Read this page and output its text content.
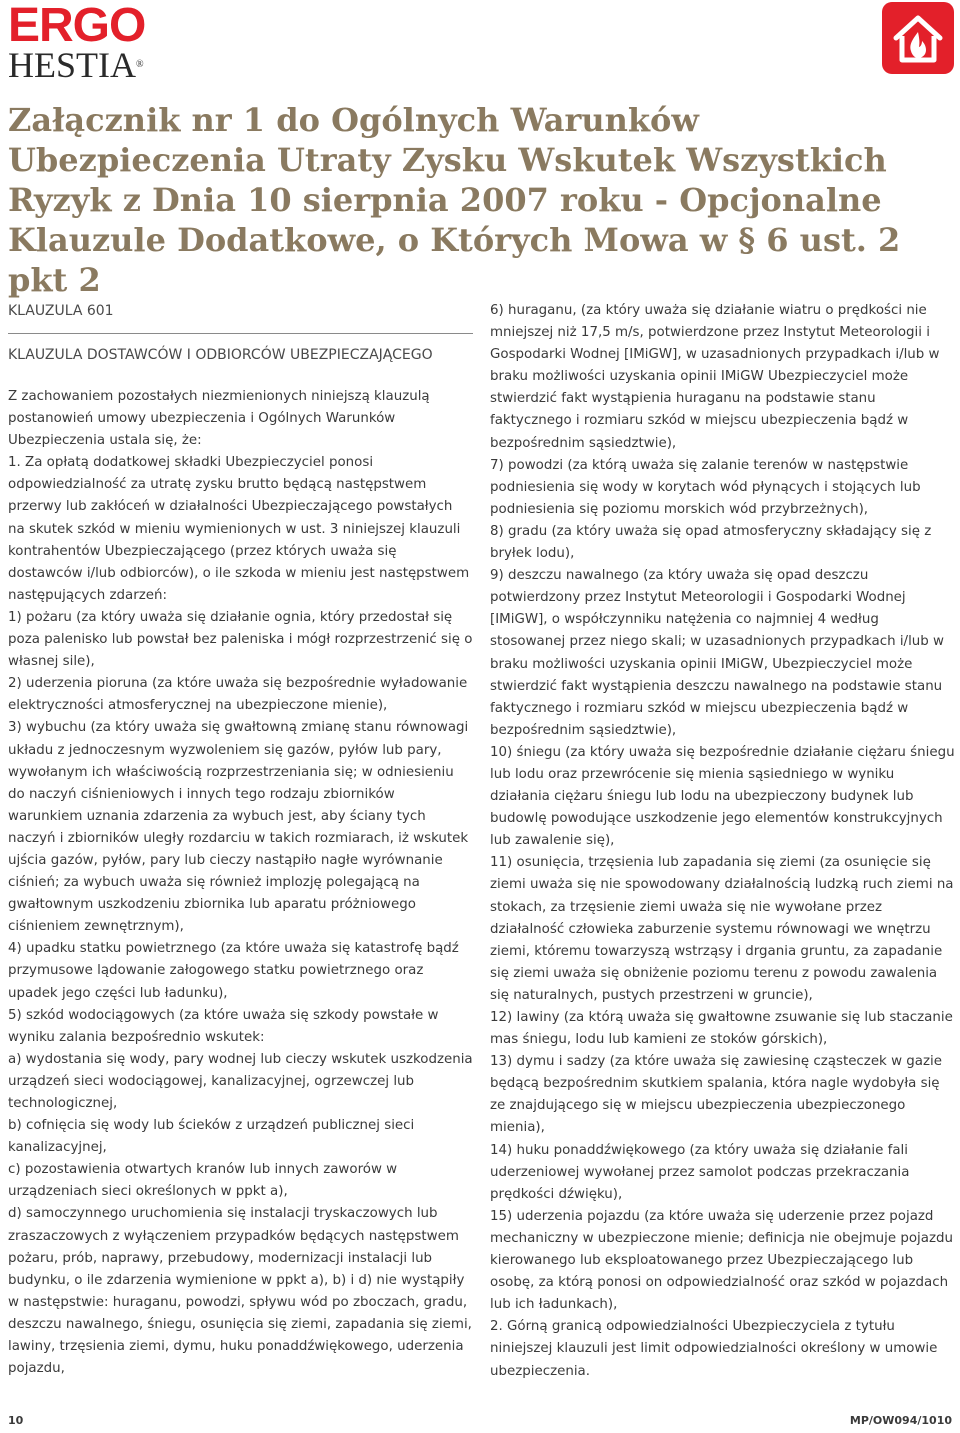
ERGO
HESTIA®
Załącznik nr 1 do Ogólnych Warunków Ubezpieczenia Utraty Zysku Wskutek Wszystkich Ryzyk z Dnia 10 sierpnia 2007 roku - Opcjonalne Klauzule Dodatkowe, o Których Mowa w § 6 ust. 2 pkt 2

KLAUZULA 601

KLAUZULA DOSTAWCÓW I ODBIORCÓW UBEZPIECZAJĄCEGO

Z zachowaniem pozostałych niezmienionych niniejszą klauzulą postanowień umowy ubezpieczenia i Ogólnych Warunków Ubezpieczenia ustala się, że:

1. Za opłatą dodatkowej składki Ubezpieczyciel ponosi odpowiedzialność za utratę zysku brutto będącą następstwem przerwy lub zakłóceń w działalności Ubezpieczającego powstałych na skutek szkód w mieniu wymienionych w ust. 3 niniejszej klauzuli kontrahentów Ubezpieczającego (przez których uważa się dostawców i/lub odbiorców), o ile szkoda w mieniu jest następstwem następujących zdarzeń:

1) pożaru (za który uważa się działanie ognia, który przedostał się poza palenisko lub powstał bez paleniska i mógł rozprzestrzenić się o własnej sile),

2) uderzenia pioruna (za które uważa się bezpośrednie wyładowanie elektryczności atmosferycznej na ubezpieczone mienie),

3) wybuchu (za który uważa się gwałtowną zmianę stanu równowagi układu z jednoczesnym wyzwoleniem się gazów, pyłów lub pary, wywołanym ich właściwością rozprzestrzeniania się; w odniesieniu do naczyń ciśnieniowych i innych tego rodzaju zbiorników warunkiem uznania zdarzenia za wybuch jest, aby ściany tych naczyń i zbiorników uległy rozdarciu w takich rozmiarach, iż wskutek ujścia gazów, pyłów, pary lub cieczy nastąpiło nagłe wyrównanie ciśnień; za wybuch uważa się również implozję polegającą na gwałtownym uszkodzeniu zbiornika lub aparatu próżniowego ciśnieniem zewnętrznym),

4) upadku statku powietrznego (za które uważa się katastrofę bądź przymusowe lądowanie załogowego statku powietrznego oraz upadek jego części lub ładunku),

5) szkód wodociągowych (za które uważa się szkody powstałe w wyniku zalania bezpośrednio wskutek:

a) wydostania się wody, pary wodnej lub cieczy wskutek uszkodzenia urządzeń sieci wodociągowej, kanalizacyjnej, ogrzewczej lub technologicznej,

b) cofnięcia się wody lub ścieków z urządzeń publicznej sieci kanalizacyjnej,

c) pozostawienia otwartych kranów lub innych zaworów w urządzeniach sieci określonych w ppkt a),

d) samoczynnego uruchomienia się instalacji tryskaczowych lub zraszaczowych z wyłączeniem przypadków będących następstwem pożaru, prób, naprawy, przebudowy, modernizacji instalacji lub budynku, o ile zdarzenia wymienione w ppkt a), b) i d) nie wystąpiły w następstwie: huraganu, powodzi, spływu wód po zboczach, gradu, deszczu nawalnego, śniegu, osunięcia się ziemi, zapadania się ziemi, lawiny, trzęsienia ziemi, dymu, huku ponaddźwiękowego, uderzenia pojazdu,

6) huraganu, (za który uważa się działanie wiatru o prędkości nie mniejszej niż 17,5 m/s, potwierdzone przez Instytut Meteorologii i Gospodarki Wodnej [IMiGW], w uzasadnionych przypadkach i/lub w braku możliwości uzyskania opinii IMiGW Ubezpieczyciel może stwierdzić fakt wystąpienia huraganu na podstawie stanu faktycznego i rozmiaru szkód w miejscu ubezpieczenia bądź w bezpośrednim sąsiedztwie),

7) powodzi (za którą uważa się zalanie terenów w następstwie podniesienia się wody w korytach wód płynących i stojących lub podniesienia się poziomu morskich wód przybrzeżnych),

8) gradu (za który uważa się opad atmosferyczny składający się z bryłek lodu),

9) deszczu nawalnego (za który uważa się opad deszczu potwierdzony przez Instytut Meteorologii i Gospodarki Wodnej [IMiGW], o współczynniku natężenia co najmniej 4 według stosowanej przez niego skali; w uzasadnionych przypadkach i/lub w braku możliwości uzyskania opinii IMiGW, Ubezpieczyciel może stwierdzić fakt wystąpienia deszczu nawalnego na podstawie stanu faktycznego i rozmiaru szkód w miejscu ubezpieczenia bądź w bezpośrednim sąsiedztwie),

10) śniegu (za który uważa się bezpośrednie działanie ciężaru śniegu lub lodu oraz przewrócenie się mienia sąsiedniego w wyniku działania ciężaru śniegu lub lodu na ubezpieczony budynek lub budowlę powodujące uszkodzenie jego elementów konstrukcyjnych lub zawalenie się),

11) osunięcia, trzęsienia lub zapadania się ziemi (za osunięcie się ziemi uważa się nie spowodowany działalnością ludzką ruch ziemi na stokach, za trzęsienie ziemi uważa się nie wywołane przez działalność człowieka zaburzenie systemu równowagi we wnętrzu ziemi, któremu towarzyszą wstrząsy i drgania gruntu, za zapadanie się ziemi uważa się obniżenie poziomu terenu z powodu zawalenia się naturalnych, pustych przestrzeni w gruncie),

12) lawiny (za którą uważa się gwałtowne zsuwanie się lub staczanie mas śniegu, lodu lub kamieni ze stoków górskich),

13) dymu i sadzy (za które uważa się zawiesinę cząsteczek w gazie będącą bezpośrednim skutkiem spalania, która nagle wydobyła się ze znajdującego się w miejscu ubezpieczenia ubezpieczonego mienia),

14) huku ponaddźwiękowego (za który uważa się działanie fali uderzeniowej wywołanej przez samolot podczas przekraczania prędkości dźwięku),

15) uderzenia pojazdu (za które uważa się uderzenie przez pojazd mechaniczny w ubezpieczone mienie; definicja nie obejmuje pojazdu kierowanego lub eksploatowanego przez Ubezpieczającego lub osobę, za którą ponosi on odpowiedzialność oraz szkód w pojazdach lub ich ładunkach),

2. Górną granicą odpowiedzialności Ubezpieczyciela z tytułu niniejszej klauzuli jest limit odpowiedzialności określony w umowie ubezpieczenia.

10	MP/OW094/1010
